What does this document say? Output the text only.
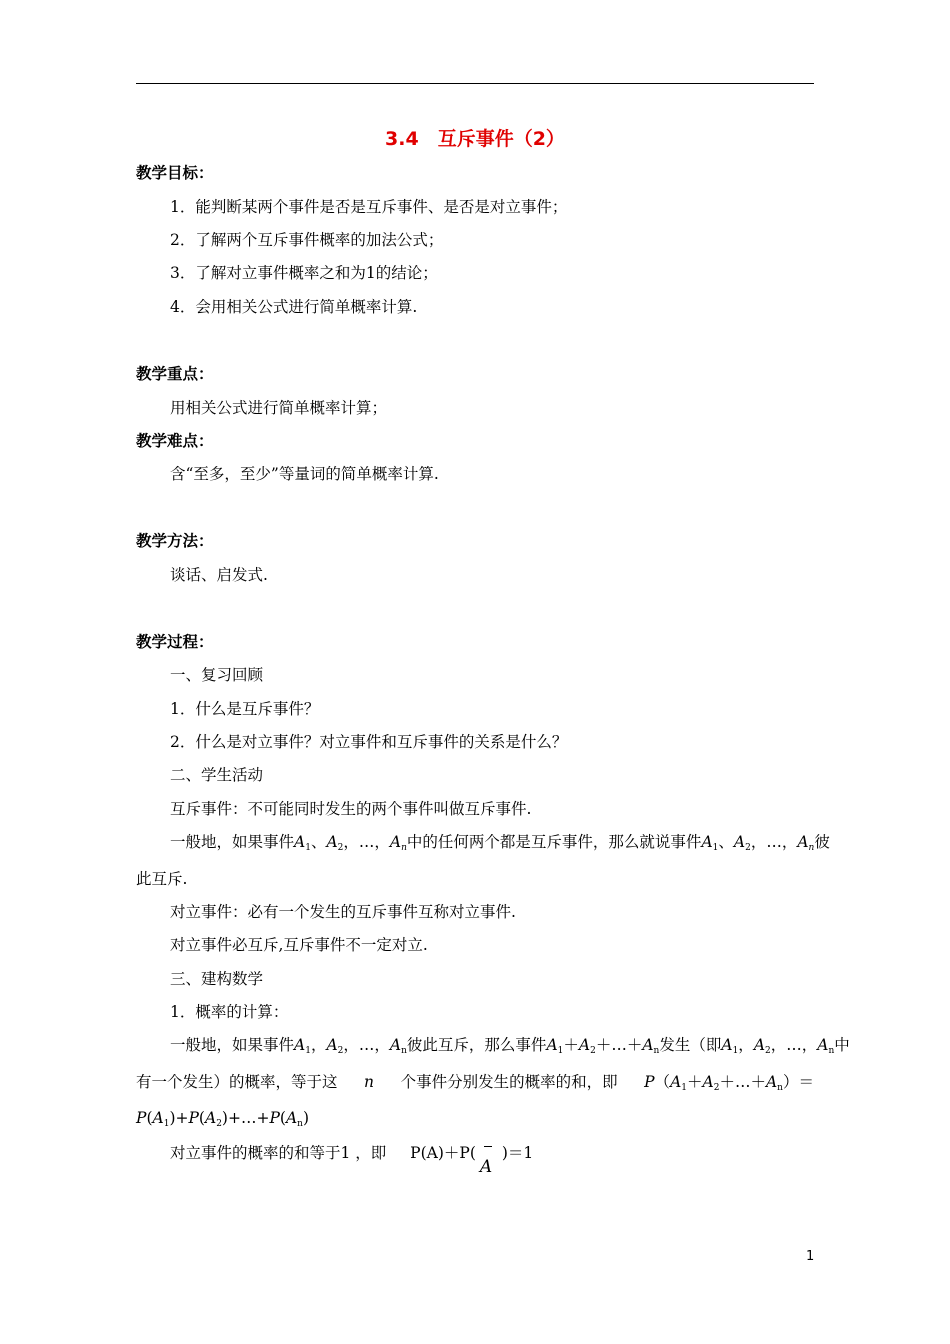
3.4　互斥事件（2）
教学目标：
1．能判断某两个事件是否是互斥事件、是否是对立事件；
2．了解两个互斥事件概率的加法公式；
3．了解对立事件概率之和为1的结论；
4．会用相关公式进行简单概率计算.
教学重点：
用相关公式进行简单概率计算；
教学难点：
含“至多，至少”等量词的简单概率计算.
教学方法：
谈话、启发式.
教学过程：
一、复习回顾
1．什么是互斥事件？
2．什么是对立事件？对立事件和互斥事件的关系是什么？
二、学生活动
互斥事件：不可能同时发生的两个事件叫做互斥事件.
一般地，如果事件 $A_1$、$A_2$，…，$A_n$ 中的任何两个都是互斥事件，那么就说事件 $A_1$、$A_2$，…，$A_n$ 彼
此互斥.
对立事件：必有一个发生的互斥事件互称对立事件.
对立事件必互斥,互斥事件不一定对立.
三、建构数学
1．概率的计算：
一般地，如果事件 $A_1$，$A_2$，…，$A_n$ 彼此互斥，那么事件 $A_1+A_2+\dots+A_n$ 发生（即 $A_1$，$A_2$，…，$A_n$ 中
有一个发生）的概率，等于这 n 个事件分别发生的概率的和，即 $P(A_1+A_2+\dots+A_n)=$
$P(A_1)+P(A_2)+\dots+P(A_n)$
对立事件的概率的和等于1 ，即 P(A)＋P(
A
)＝1
1
